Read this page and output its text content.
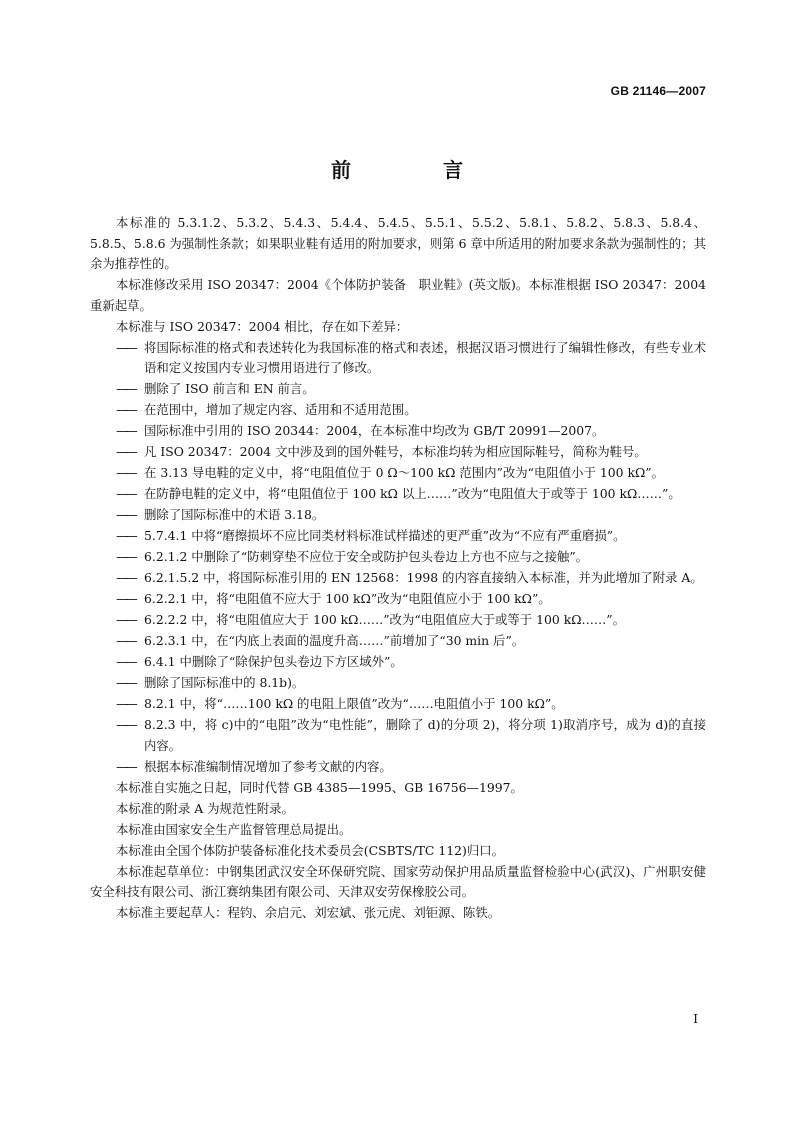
GB 21146—2007
前　言

本标准的 5.3.1.2、5.3.2、5.4.3、5.4.4、5.4.5、5.5.1、5.5.2、5.8.1、5.8.2、5.8.3、5.8.4、5.8.5、5.8.6 为强制性条款；如果职业鞋有适用的附加要求，则第 6 章中所适用的附加要求条款为强制性的；其余为推荐性的。

本标准修改采用 ISO 20347：2004《个体防护装备　职业鞋》(英文版)。本标准根据 ISO 20347：2004 重新起草。

本标准与 ISO 20347：2004 相比，存在如下差异：

—— 将国际标准的格式和表述转化为我国标准的格式和表述，根据汉语习惯进行了编辑性修改，有些专业术语和定义按国内专业习惯用语进行了修改。
—— 删除了 ISO 前言和 EN 前言。
—— 在范围中，增加了规定内容、适用和不适用范围。
—— 国际标准中引用的 ISO 20344：2004，在本标准中均改为 GB/T 20991—2007。
—— 凡 ISO 20347：2004 文中涉及到的国外鞋号，本标准均转为相应国际鞋号，简称为鞋号。
—— 在 3.13 导电鞋的定义中，将“电阻值位于 0 Ω～100 kΩ 范围内”改为“电阻值小于 100 kΩ”。
—— 在防静电鞋的定义中，将“电阻值位于 100 kΩ 以上……”改为“电阻值大于或等于 100 kΩ……”。
—— 删除了国际标准中的术语 3.18。
—— 5.7.4.1 中将“磨擦损坏不应比同类材料标准试样描述的更严重”改为“不应有严重磨损”。
—— 6.2.1.2 中删除了“防刺穿垫不应位于安全或防护包头卷边上方也不应与之接触”。
—— 6.2.1.5.2 中，将国际标准引用的 EN 12568：1998 的内容直接纳入本标准，并为此增加了附录 A。
—— 6.2.2.1 中，将“电阻值不应大于 100 kΩ”改为“电阻值应小于 100 kΩ”。
—— 6.2.2.2 中，将“电阻值应大于 100 kΩ……”改为“电阻值应大于或等于 100 kΩ……”。
—— 6.2.3.1 中，在“内底上表面的温度升高……”前增加了“30 min 后”。
—— 6.4.1 中删除了“除保护包头卷边下方区域外”。
—— 删除了国际标准中的 8.1b)。
—— 8.2.1 中，将“……100 kΩ 的电阻上限值”改为“……电阻值小于 100 kΩ”。
—— 8.2.3 中，将 c)中的“电阻”改为“电性能”，删除了 d)的分项 2)，将分项 1)取消序号，成为 d)的直接内容。
—— 根据本标准编制情况增加了参考文献的内容。

本标准自实施之日起，同时代替 GB 4385—1995、GB 16756—1997。

本标准的附录 A 为规范性附录。

本标准由国家安全生产监督管理总局提出。

本标准由全国个体防护装备标准化技术委员会(CSBTS/TC 112)归口。

本标准起草单位：中钢集团武汉安全环保研究院、国家劳动保护用品质量监督检验中心(武汉)、广州职安健安全科技有限公司、浙江赛纳集团有限公司、天津双安劳保橡胶公司。

本标准主要起草人：程钧、余启元、刘宏斌、张元虎、刘钜源、陈铁。

I
